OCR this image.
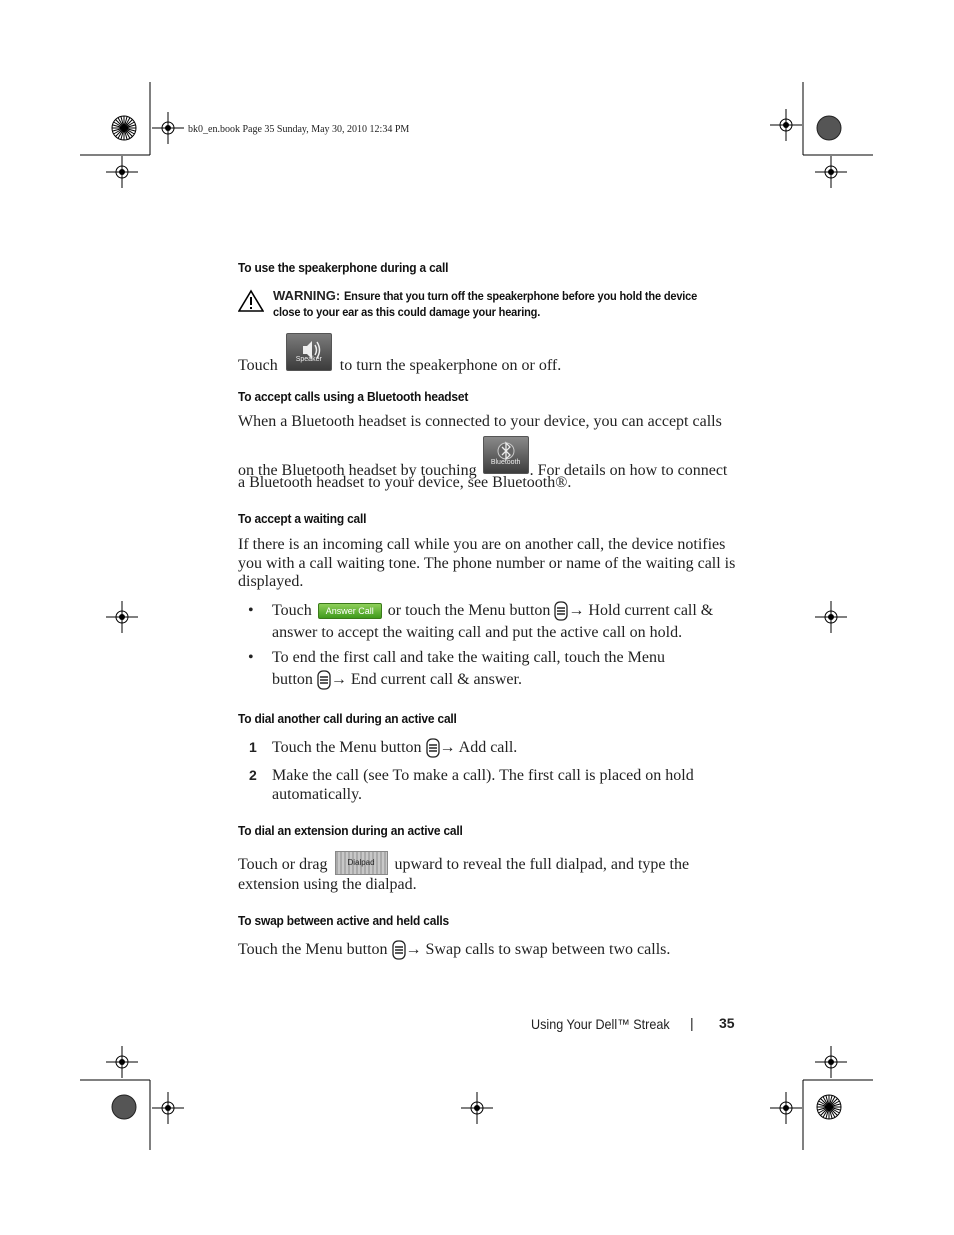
bk0_en.book Page 35 Sunday, May 30, 2010 12:34 PM
To use the speakerphone during a call
WARNING: Ensure that you turn off the speakerphone before you hold the device
close to your ear as this could damage your hearing.
Touch	Speaker	to turn the speakerphone on or off.
To accept calls using a Bluetooth headset
When a Bluetooth headset is connected to your device, you can accept calls
on the Bluetooth headset by touching	Bluetooth . For details on how to connect
a Bluetooth headset to your device, see Bluetooth®.
To accept a waiting call
If there is an incoming call while you are on another call, the device notifies
you with a call waiting tone. The phone number or name of the waiting call is
displayed.
• Touch Answer Call or touch the Menu button → Hold current call &
answer to accept the waiting call and put the active call on hold.
• To end the first call and take the waiting call, touch the Menu
button → End current call & answer.
To dial another call during an active call
1 Touch the Menu button → Add call.
2 Make the call (see To make a call). The first call is placed on hold
automatically.
To dial an extension during an active call
Touch or drag Dialpad upward to reveal the full dialpad, and type the
extension using the dialpad.
To swap between active and held calls
Touch the Menu button → Swap calls to swap between two calls.
Using Your Dell™ Streak | 35
